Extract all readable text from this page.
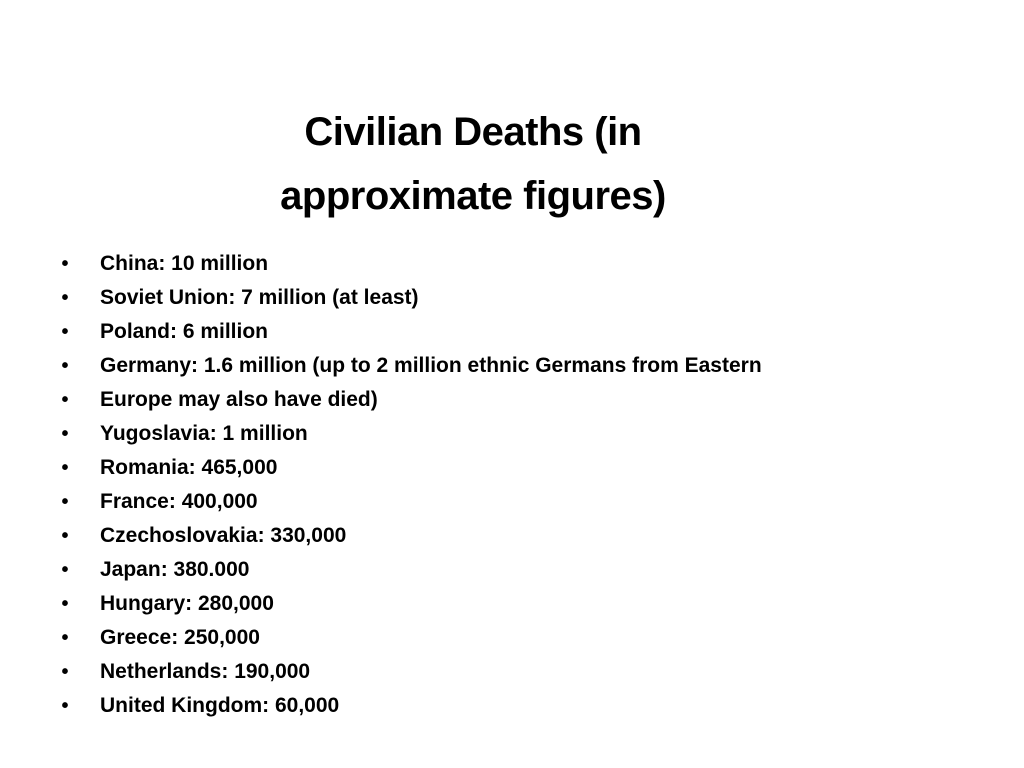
Civilian Deaths (in
approximate figures)
• China: 10 million
• Soviet Union: 7 million (at least)
• Poland: 6 million
• Germany: 1.6 million (up to 2 million ethnic Germans from Eastern
• Europe may also have died)
• Yugoslavia: 1 million
• Romania: 465,000
• France: 400,000
• Czechoslovakia: 330,000
• Japan: 380.000
• Hungary: 280,000
• Greece: 250,000
• Netherlands: 190,000
• United Kingdom: 60,000
